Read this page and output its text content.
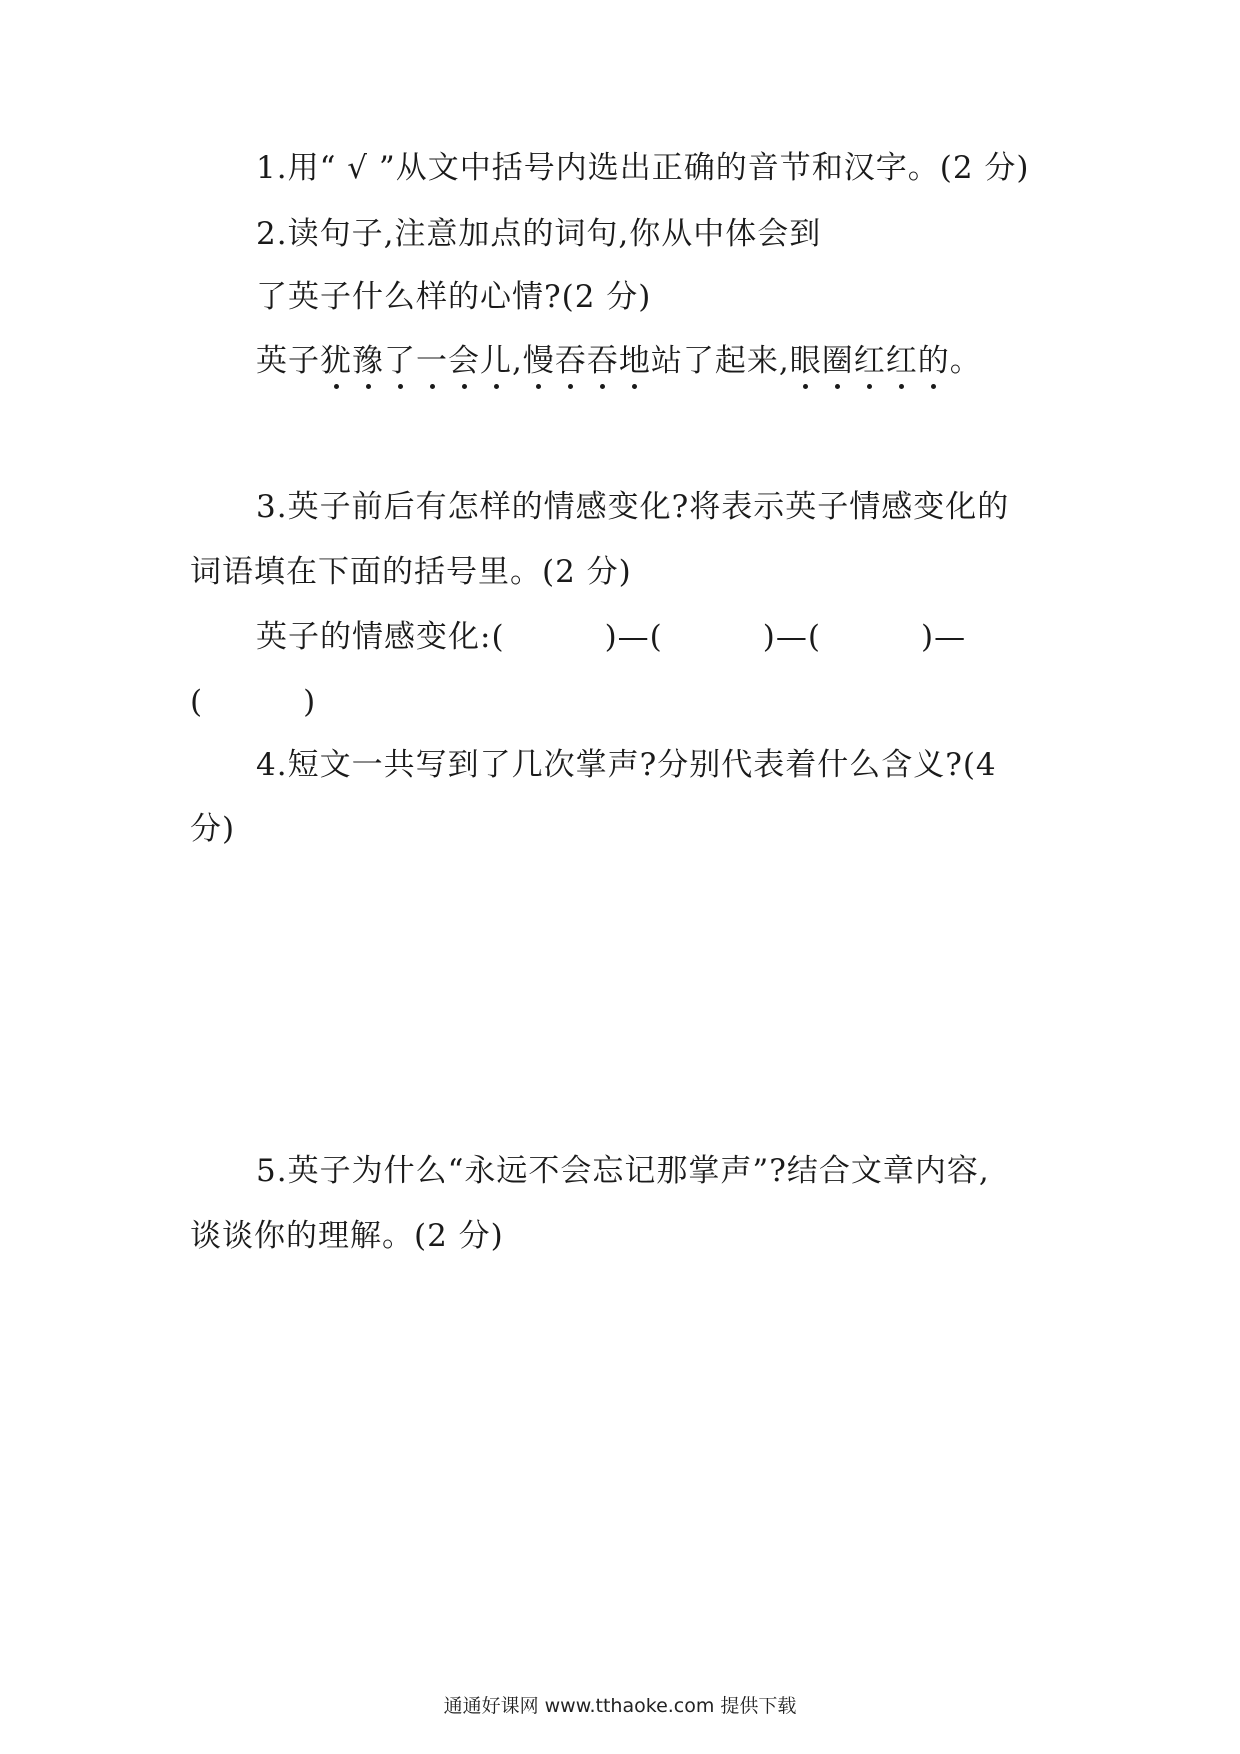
1.用“ √ ”从文中括号内选出正确的音节和汉字。(2 分)
2.读句子,注意加点的词句,你从中体会到
了英子什么样的心情?(2 分)
英子犹豫了一会儿,慢吞吞地站了起来,眼圈红红的。
3.英子前后有怎样的情感变化?将表示英子情感变化的
词语填在下面的括号里。(2 分)
英子的情感变化:(	)—(	)—(	)—
(	)
4.短文一共写到了几次掌声?分别代表着什么含义?(4
分)
5.英子为什么“永远不会忘记那掌声”?结合文章内容,
谈谈你的理解。(2 分)
通通好课网 www.tthaoke.com 提供下载
